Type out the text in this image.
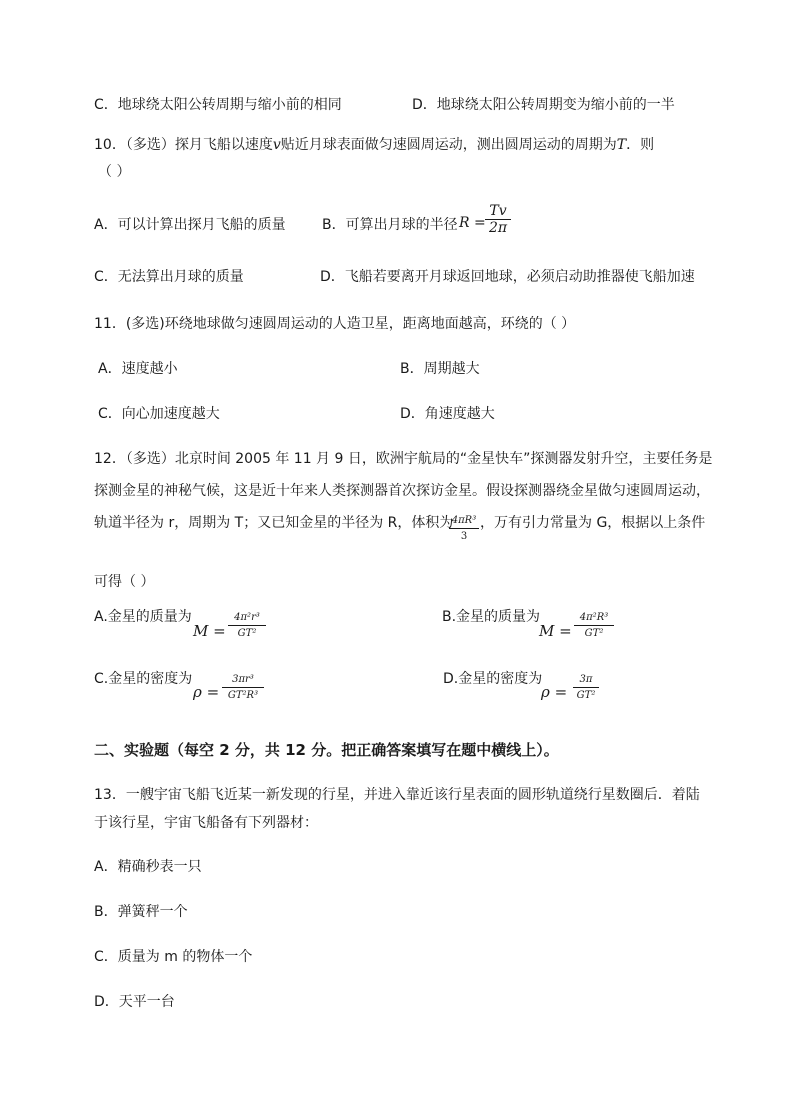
C．地球绕太阳公转周期与缩小前的相同	D．地球绕太阳公转周期变为缩小前的一半
10．（多选）探月飞船以速度v贴近月球表面做匀速圆周运动，测出圆周运动的周期为T．则
（ ）
A．可以计算出探月飞船的质量	B．可算出月球的半径 R =
Tv
2π
C．无法算出月球的质量	D．飞船若要离开月球返回地球，必须启动助推器使飞船加速
11．(多选)环绕地球做匀速圆周运动的人造卫星，距离地面越高，环绕的（ ）
A．速度越小	B．周期越大
C．向心加速度越大	D．角速度越大
12．（多选）北京时间 2005 年 11 月 9 日，欧洲宇航局的“金星快车”探测器发射升空，主要任务是
探测金星的神秘气候，这是近十年来人类探测器首次探访金星。假设探测器绕金星做匀速圆周运动，
轨道半径为 r，周期为 T；又已知金星的半径为 R，体积为
4πR³
3
，万有引力常量为 G，根据以上条件
可得（ ）
A.金星的质量为
M =
4π²r³
GT²
B.金星的质量为
M =
4π²R³
GT²
C.金星的密度为
ρ =
3πr³
GT²R³
D.金星的密度为
ρ =
3π
GT²
二、实验题（每空 2 分，共 12 分。把正确答案填写在题中横线上）。
13．一艘宇宙飞船飞近某一新发现的行星，并进入靠近该行星表面的圆形轨道绕行星数圈后．着陆
于该行星，宇宙飞船备有下列器材：
A．精确秒表一只
B．弹簧秤一个
C．质量为 m 的物体一个
D．天平一台
